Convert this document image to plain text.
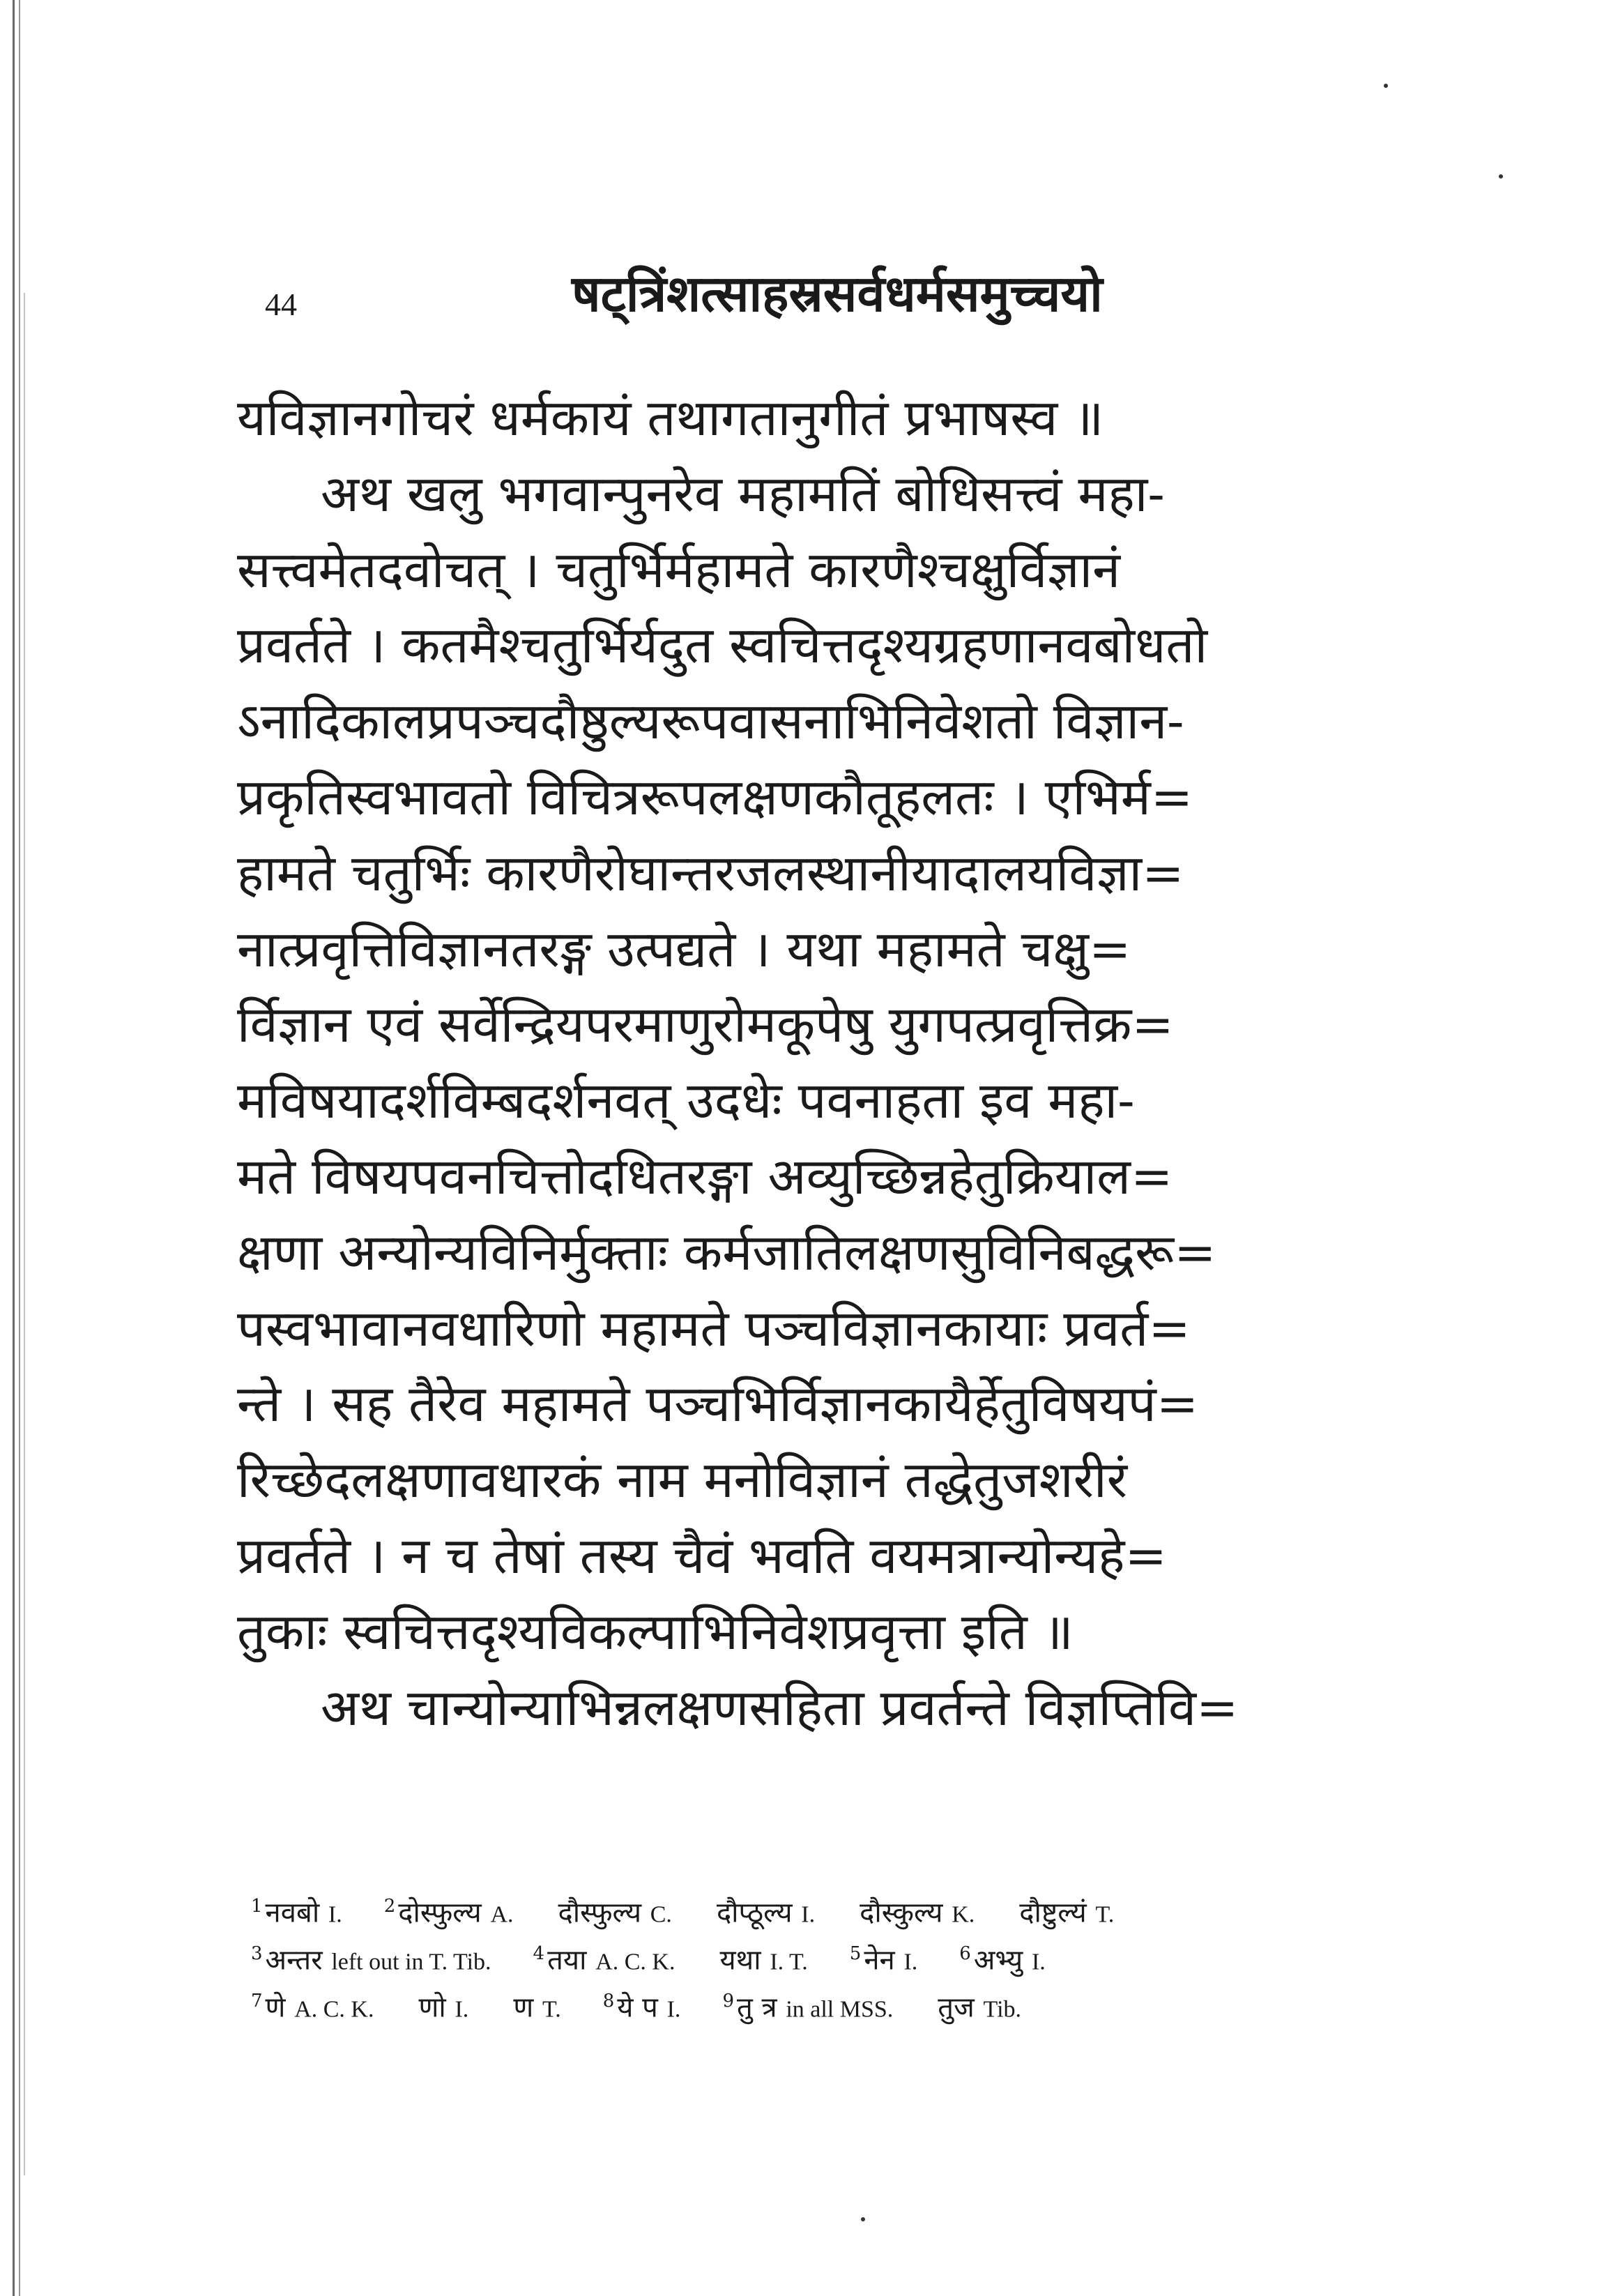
44	षट्त्रिंशत्साहस्रसर्वधर्मसमुच्चयो
यविज्ञानगोचरं धर्मकायं तथागतानुगीतं प्रभाषस्व ॥
अथ खलु भगवान्पुनरेव महामतिं बोधिसत्त्वं महा-
सत्त्वमेतदवोचत् । चतुर्भिर्महामते कारणैश्चक्षुर्विज्ञानं
प्रवर्तते । कतमैश्चतुर्भिर्यदुत स्वचित्तदृश्यग्रहणानवबोधतो
ऽनादिकालप्रपञ्चदौष्ठुल्यरूपवासनाभिनिवेशतो विज्ञान-
प्रकृतिस्वभावतो विचित्ररूपलक्षणकौतूहलतः । एभिर्म=
हामते चतुर्भिः कारणैरोघान्तरजलस्थानीयादालयविज्ञा=
नात्प्रवृत्तिविज्ञानतरङ्ग उत्पद्यते । यथा महामते चक्षु=
र्विज्ञान एवं सर्वेन्द्रियपरमाणुरोमकूपेषु युगपत्प्रवृत्तिक्र=
मविषयादर्शविम्बदर्शनवत् उदधेः पवनाहता इव महा-
मते विषयपवनचित्तोदधितरङ्गा अव्युच्छिन्नहेतुक्रियाल=
क्षणा अन्योन्यविनिर्मुक्ताः कर्मजातिलक्षणसुविनिबद्धरू=
पस्वभावानवधारिणो महामते पञ्चविज्ञानकायाः प्रवर्त=
न्ते । सह तैरेव महामते पञ्चभिर्विज्ञानकायैर्हेतुविषयपं=
रिच्छेदलक्षणावधारकं नाम मनोविज्ञानं तद्धेतुजशरीरं
प्रवर्तते । न च तेषां तस्य चैवं भवति वयमत्रान्योन्यहे=
तुकाः स्वचित्तदृश्यविकल्पाभिनिवेशप्रवृत्ता इति ॥
अथ चान्योन्याभिन्नलक्षणसहिता प्रवर्तन्ते विज्ञप्तिवि=
$^1$ नवबो I. $^2$ दोस्फुल्य A. दौस्फुल्य C. दौप्ठूल्य I. दौस्कुल्य K. दौष्टुल्यं T.
$^3$ अन्तर left out in T. Tib. $^4$ तया A. C. K. यथा I. T. $^5$ नेन I. $^6$ अभ्यु I.
$^7$ णे A. C. K. णो I. ण T. $^8$ ये प I. $^9$ तु त्र in all MSS. तुज Tib.
